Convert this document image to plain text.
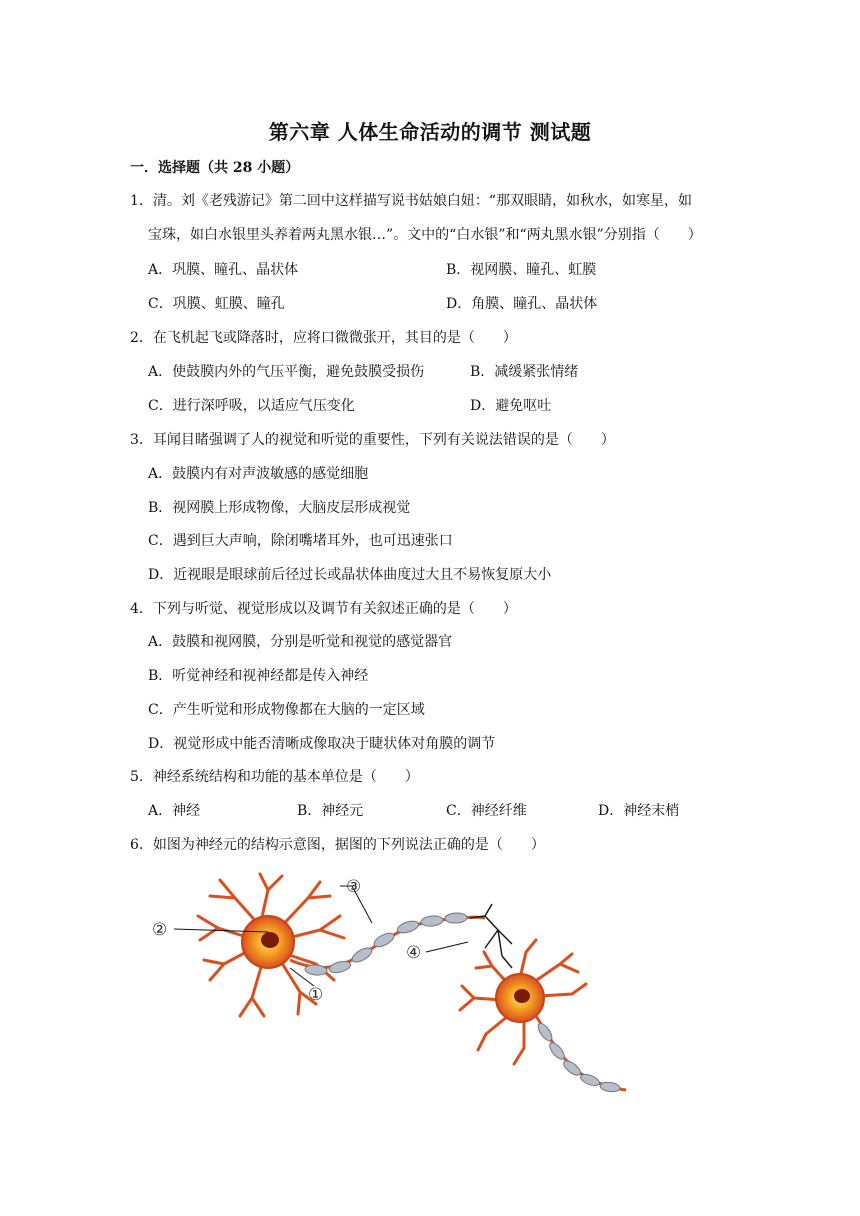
第六章 人体生命活动的调节 测试题
一．选择题（共 28 小题）
1．清。刘《老残游记》第二回中这样描写说书姑娘白妞：“那双眼睛，如秋水，如寒星，如
宝珠，如白水银里头养着两丸黑水银…”。文中的“白水银”和“两丸黑水银”分别指（　　）
A．巩膜、瞳孔、晶状体	B．视网膜、瞳孔、虹膜
C．巩膜、虹膜、瞳孔	D．角膜、瞳孔、晶状体
2．在飞机起飞或降落时，应将口微微张开，其目的是（　　）
A．使鼓膜内外的气压平衡，避免鼓膜受损伤	B．减缓紧张情绪
C．进行深呼吸，以适应气压变化	D．避免呕吐
3．耳闻目睹强调了人的视觉和听觉的重要性，下列有关说法错误的是（　　）
A．鼓膜内有对声波敏感的感觉细胞
B．视网膜上形成物像，大脑皮层形成视觉
C．遇到巨大声响，除闭嘴堵耳外，也可迅速张口
D．近视眼是眼球前后径过长或晶状体曲度过大且不易恢复原大小
4．下列与听觉、视觉形成以及调节有关叙述正确的是（　　）
A．鼓膜和视网膜，分别是听觉和视觉的感觉器官
B．听觉神经和视神经都是传入神经
C．产生听觉和形成物像都在大脑的一定区域
D．视觉形成中能否清晰成像取决于睫状体对角膜的调节
5．神经系统结构和功能的基本单位是（　　）
A．神经	B．神经元	C．神经纤维	D．神经末梢
6．如图为神经元的结构示意图，据图的下列说法正确的是（　　）
②
①
③
④
